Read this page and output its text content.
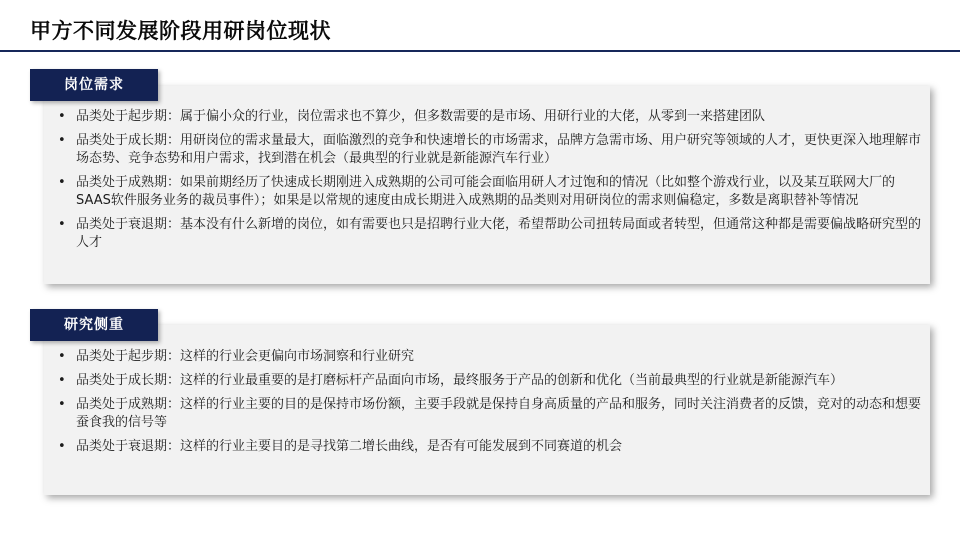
甲方不同发展阶段用研岗位现状
岗位需求
• 品类处于起步期：属于偏小众的行业，岗位需求也不算少，但多数需要的是市场、用研行业的大佬，从零到一来搭建团队
• 品类处于成长期：用研岗位的需求量最大，面临激烈的竞争和快速增长的市场需求，品牌方急需市场、用户研究等领域的人才，更快更深入地理解市场态势、竞争态势和用户需求，找到潜在机会（最典型的行业就是新能源汽车行业）
• 品类处于成熟期：如果前期经历了快速成长期刚进入成熟期的公司可能会面临用研人才过饱和的情况（比如整个游戏行业，以及某互联网大厂的SAAS软件服务业务的裁员事件）；如果是以常规的速度由成长期进入成熟期的品类则对用研岗位的需求则偏稳定，多数是离职替补等情况
• 品类处于衰退期：基本没有什么新增的岗位，如有需要也只是招聘行业大佬，希望帮助公司扭转局面或者转型，但通常这种都是需要偏战略研究型的人才
研究侧重
• 品类处于起步期：这样的行业会更偏向市场洞察和行业研究
• 品类处于成长期：这样的行业最重要的是打磨标杆产品面向市场，最终服务于产品的创新和优化（当前最典型的行业就是新能源汽车）
• 品类处于成熟期：这样的行业主要的目的是保持市场份额，主要手段就是保持自身高质量的产品和服务，同时关注消费者的反馈，竞对的动态和想要蚕食我的信号等
• 品类处于衰退期：这样的行业主要目的是寻找第二增长曲线，是否有可能发展到不同赛道的机会
